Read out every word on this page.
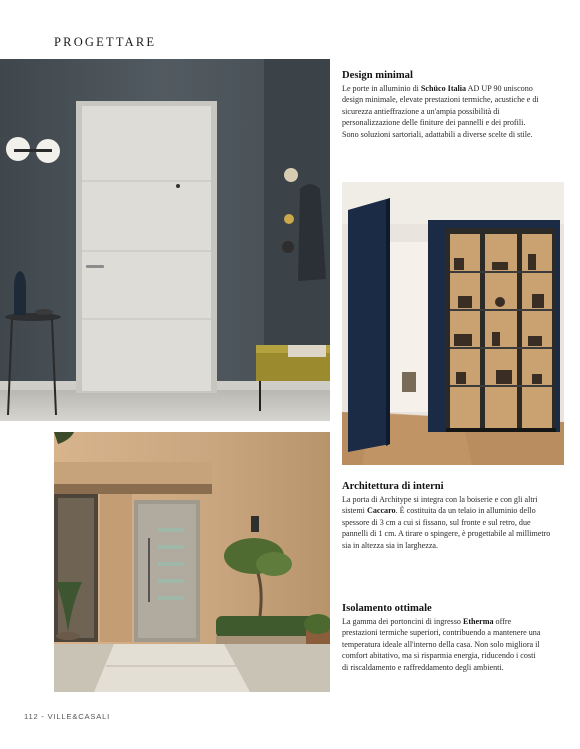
PROGETTARE
Design minimal

Le porte in alluminio di Schüco Italia AD UP 90 uniscono design minimale, elevate prestazioni termiche, acustiche e di sicurezza antieffrazione a un'ampia possibilità di personalizzazione delle finiture dei pannelli e dei profili. Sono soluzioni sartoriali, adattabili a diverse scelte di stile.

Architettura di interni

La porta di Architype si integra con la boiserie e con gli altri sistemi Caccaro. È costituita da un telaio in alluminio dello spessore di 3 cm a cui si fissano, sul fronte e sul retro, due pannelli di 1 cm. A tirare o spingere, è progettabile al millimetro sia in altezza sia in larghezza.

Isolamento ottimale

La gamma dei portoncini di ingresso Etherma offre prestazioni termiche superiori, contribuendo a mantenere una temperatura ideale all'interno della casa. Non solo migliora il comfort abitativo, ma si risparmia energia, riducendo i costi di riscaldamento e raffreddamento degli ambienti.

112 - VILLE&CASALI
